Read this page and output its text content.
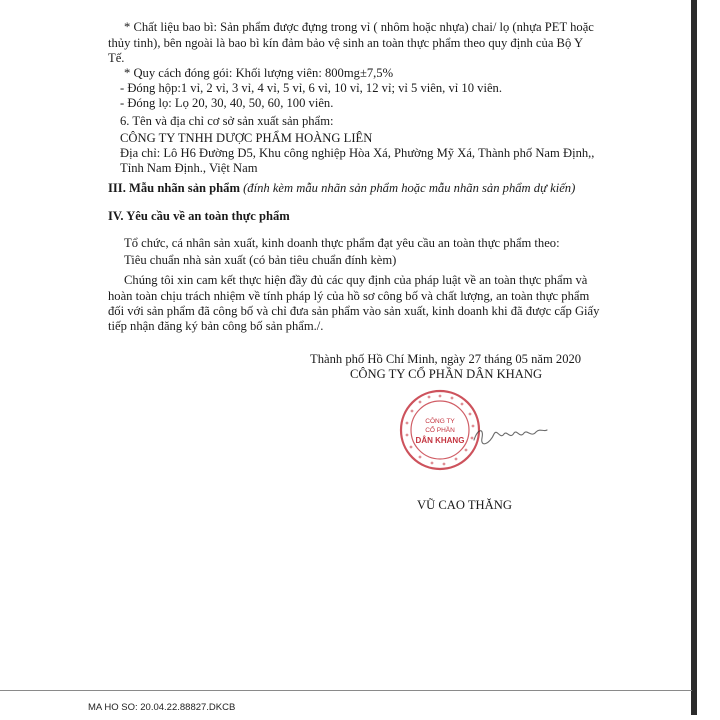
* Chất liệu bao bì: Sản phẩm được đựng trong vỉ ( nhôm hoặc nhựa) chai/ lọ (nhựa PET hoặc
thủy tinh), bên ngoài là bao bì kín đảm bảo vệ sinh an toàn thực phẩm theo quy định của Bộ Y
Tế.
* Quy cách đóng gói: Khối lượng viên: 800mg±7,5%
- Đóng hộp:1 vỉ, 2 vỉ, 3 vỉ, 4 vỉ, 5 vỉ, 6 vỉ, 10 vỉ, 12 vỉ; vỉ 5 viên, vỉ 10 viên.
- Đóng lọ: Lọ 20, 30, 40, 50, 60, 100 viên.
6. Tên và địa chỉ cơ sở sản xuất sản phẩm:
CÔNG TY TNHH DƯỢC PHẨM HOÀNG LIÊN
Địa chỉ: Lô H6 Đường D5, Khu công nghiệp Hòa Xá, Phường Mỹ Xá, Thành phố Nam Định,,
Tỉnh Nam Định., Việt Nam
III. Mẫu nhãn sản phẩm (đính kèm mẫu nhãn sản phẩm hoặc mẫu nhãn sản phẩm dự kiến)
IV. Yêu cầu về an toàn thực phẩm
Tổ chức, cá nhân sản xuất, kinh doanh thực phẩm đạt yêu cầu an toàn thực phẩm theo:
Tiêu chuẩn nhà sản xuất (có bản tiêu chuẩn đính kèm)
Chúng tôi xin cam kết thực hiện đầy đủ các quy định của pháp luật về an toàn thực phẩm và
hoàn toàn chịu trách nhiệm về tính pháp lý của hồ sơ công bố và chất lượng, an toàn thực phẩm
đối với sản phẩm đã công bố và chỉ đưa sản phẩm vào sản xuất, kinh doanh khi đã được cấp Giấy
tiếp nhận đăng ký bản công bố sản phẩm./.
Thành phố Hồ Chí Minh, ngày 27 tháng 05 năm 2020
CÔNG TY CỔ PHẦN DÂN KHANG
CÔNG TY
CỔ PHẦN
DÂN KHANG
VŨ CAO THĂNG
MA HO SO: 20.04.22.88827.DKCB
